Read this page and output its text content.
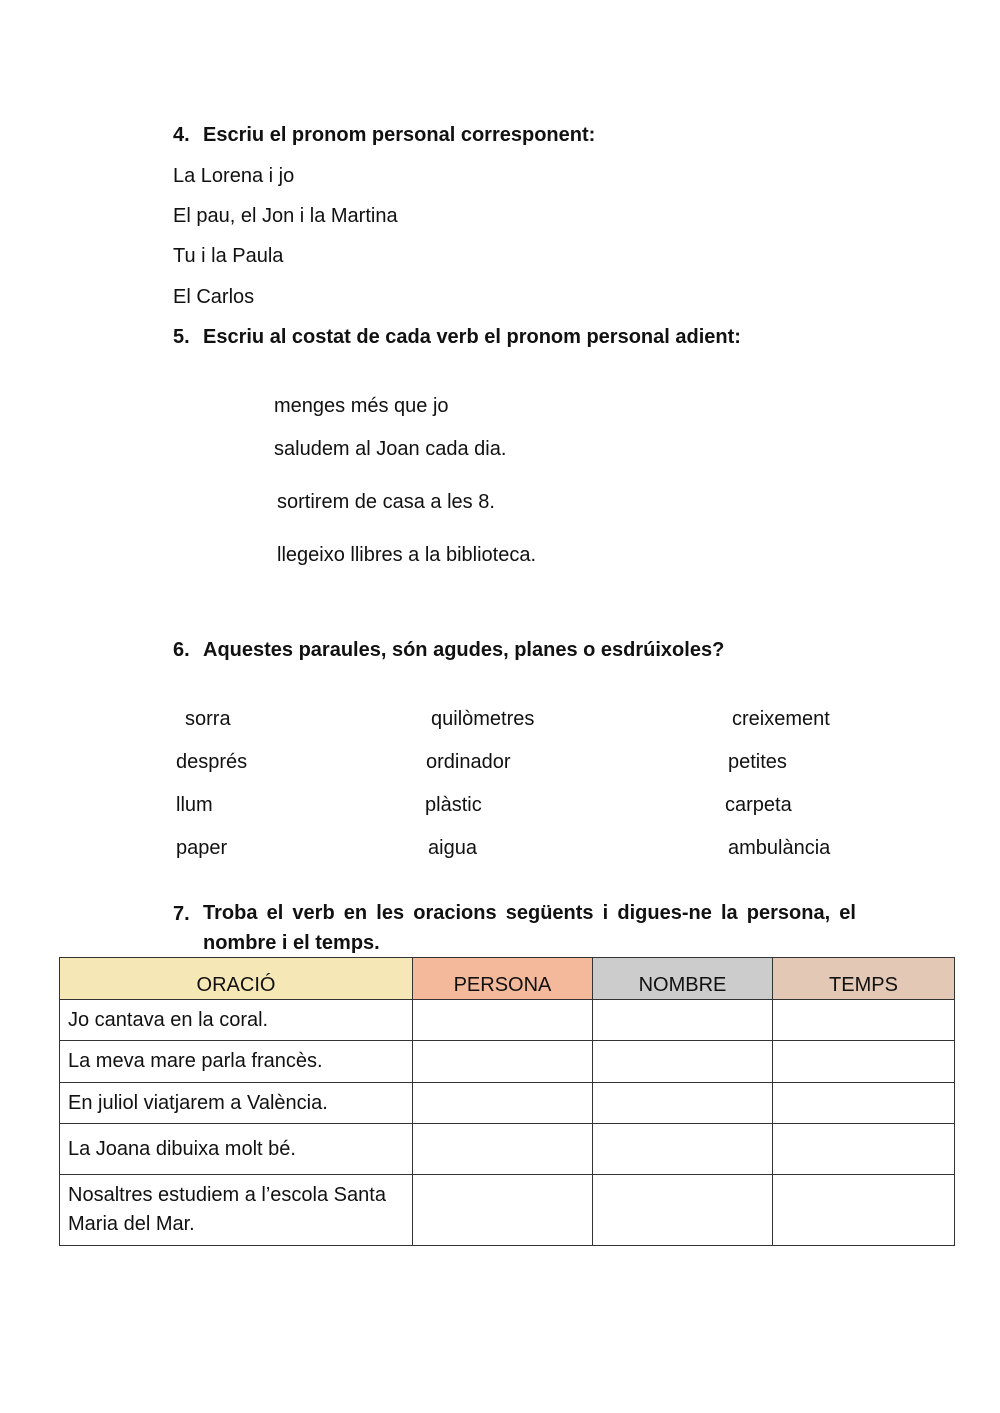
4. Escriu el pronom personal corresponent:
La Lorena i jo
El pau, el Jon i la Martina
Tu i la Paula
El Carlos
5. Escriu al costat de cada verb el pronom personal adient:
menges més que jo
saludem al Joan cada dia.
sortirem de casa a les 8.
llegeixo llibres a la biblioteca.
6. Aquestes paraules, són agudes, planes o esdrúixoles?
sorra	quilòmetres	creixement
després	ordinador	petites
llum	plàstic	carpeta
paper	aigua	ambulància
7. Troba el verb en les oracions següents i digues-ne la persona, el
nombre i el temps.
ORACIÓ	PERSONA	NOMBRE	TEMPS
Jo cantava en la coral.			
La meva mare parla francès.			
En juliol viatjarem a València.			
La Joana dibuixa molt bé.			
Nosaltres estudiem a l’escola Santa Maria del Mar.			
